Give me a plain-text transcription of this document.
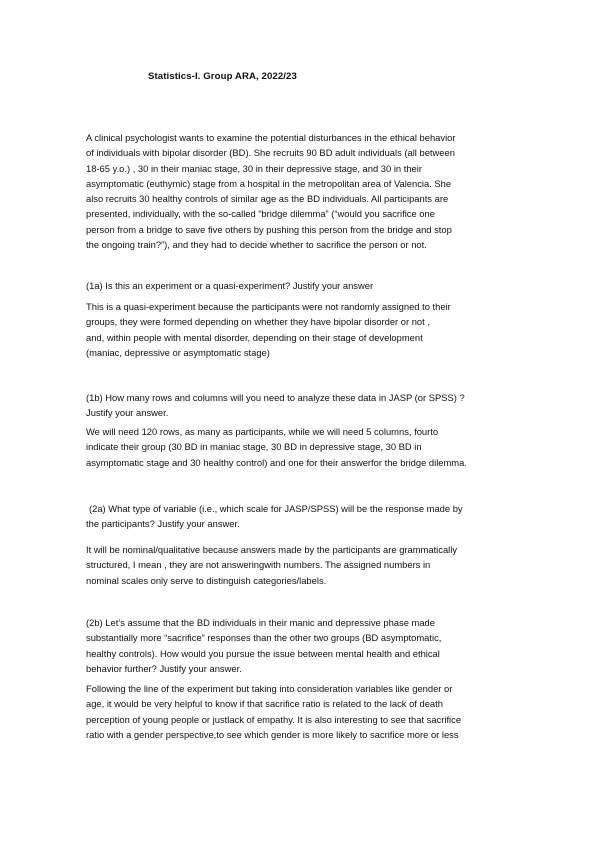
Statistics-I. Group ARA, 2022/23
A clinical psychologist wants to examine the potential disturbances in the ethical behavior
of individuals with bipolar disorder (BD). She recruits 90 BD adult individuals (all between
18-65 y.o.) , 30 in their maniac stage, 30 in their depressive stage, and 30 in their
asymptomatic (euthymic) stage from a hospital in the metropolitan area of Valencia. She
also recruits 30 healthy controls of similar age as the BD individuals. All participants are
presented, individually, with the so-called “bridge dilemma” (“would you sacrifice one
person from a bridge to save five others by pushing this person from the bridge and stop
the ongoing train?”), and they had to decide whether to sacrifice the person or not.
(1a) Is this an experiment or a quasi-experiment? Justify your answer
This is a quasi-experiment because the participants were not randomly assigned to their
groups, they were formed depending on whether they have bipolar disorder or not ,
and, within people with mental disorder, depending on their stage of development
(maniac, depressive or asymptomatic stage)
(1b) How many rows and columns will you need to analyze these data in JASP (or SPSS) ?
Justify your answer.
We will need 120 rows, as many as participants, while we will need 5 columns, fourto
indicate their group (30 BD in maniac stage, 30 BD in depressive stage, 30 BD in
asymptomatic stage and 30 healthy control) and one for their answerfor the bridge dilemma.
(2a) What type of variable (i.e., which scale for JASP/SPSS) will be the response made by
the participants? Justify your answer.
It will be nominal/qualitative because answers made by the participants are grammatically
structured, I mean , they are not answeringwith numbers. The assigned numbers in
nominal scales only serve to distinguish categories/labels.
(2b) Let’s assume that the BD individuals in their manic and depressive phase made
substantially more “sacrifice” responses than the other two groups (BD asymptomatic,
healthy controls). How would you pursue the issue between mental health and ethical
behavior further? Justify your answer.
Following the line of the experiment but taking into consideration variables like gender or
age, it would be very helpful to know if that sacrifice ratio is related to the lack of death
perception of young people or justlack of empathy. It is also interesting to see that sacrifice
ratio with a gender perspective,to see which gender is more likely to sacrifice more or less
